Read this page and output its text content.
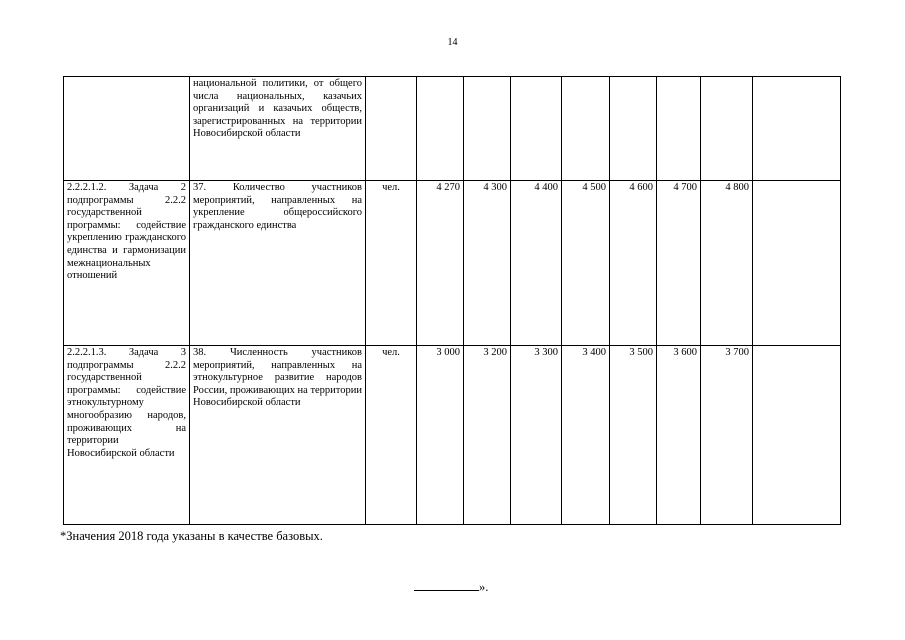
14
	национальной политики, от общего числа национальных, казачьих организаций и казачьих обществ, зарегистрированных на территории Новосибирской области									
2.2.2.1.2. Задача 2 подпрограммы 2.2.2 государственной программы: содействие укреплению гражданского единства и гармонизации межнациональных отношений	37. Количество участников мероприятий, направленных на укрепление общероссийского гражданского единства	чел.	4 270	4 300	4 400	4 500	4 600	4 700	4 800	
2.2.2.1.3. Задача 3 подпрограммы 2.2.2 государственной программы: содействие этнокультурному многообразию народов, проживающих на территории Новосибирской области	38. Численность участников мероприятий, направленных на этнокультурное развитие народов России, проживающих на территории Новосибирской области	чел.	3 000	3 200	3 300	3 400	3 500	3 600	3 700	
*Значения 2018 года указаны в качестве базовых.
».
